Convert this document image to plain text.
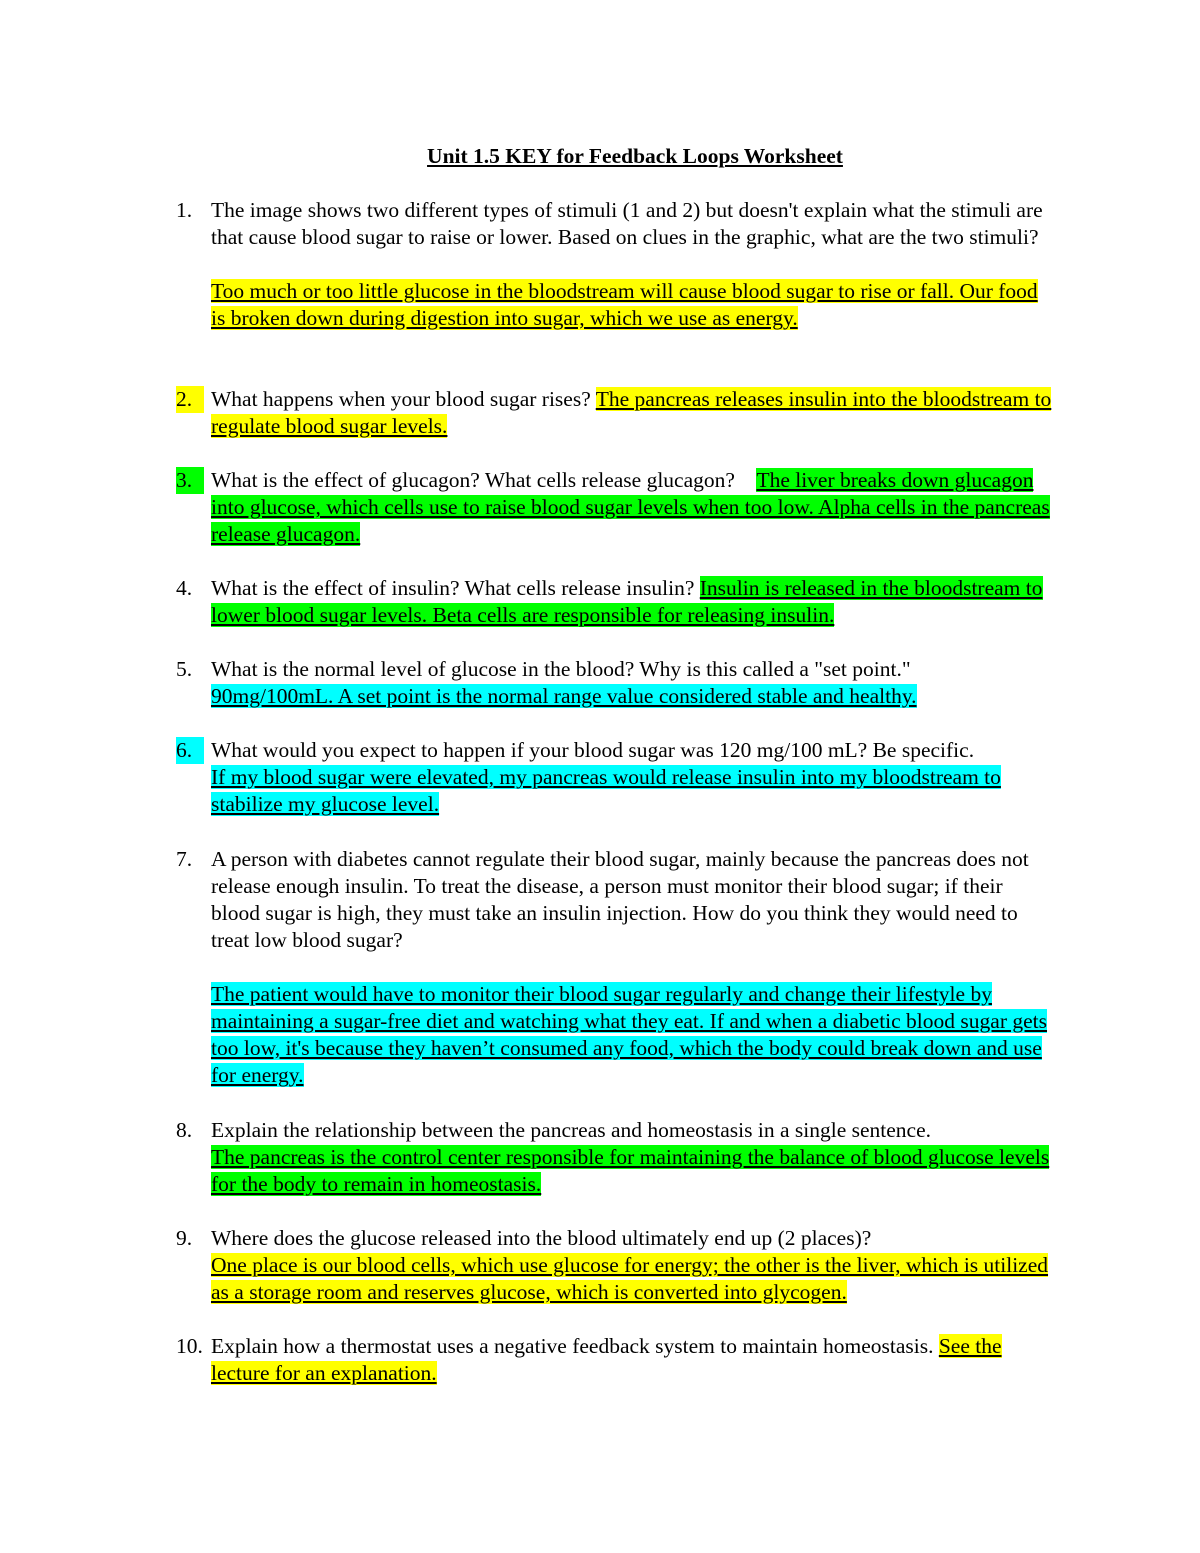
Unit 1.5 KEY for Feedback Loops Worksheet
1. The image shows two different types of stimuli (1 and 2) but doesn't explain what the stimuli are that cause blood sugar to raise or lower. Based on clues in the graphic, what are the two stimuli?
Too much or too little glucose in the bloodstream will cause blood sugar to rise or fall. Our food is broken down during digestion into sugar, which we use as energy.
2. What happens when your blood sugar rises? The pancreas releases insulin into the bloodstream to regulate blood sugar levels.
3. What is the effect of glucagon? What cells release glucagon? The liver breaks down glucagon into glucose, which cells use to raise blood sugar levels when too low. Alpha cells in the pancreas release glucagon.
4. What is the effect of insulin? What cells release insulin? Insulin is released in the bloodstream to lower blood sugar levels. Beta cells are responsible for releasing insulin.
5. What is the normal level of glucose in the blood? Why is this called a "set point."
90mg/100mL. A set point is the normal range value considered stable and healthy.
6. What would you expect to happen if your blood sugar was 120 mg/100 mL? Be specific.
If my blood sugar were elevated, my pancreas would release insulin into my bloodstream to stabilize my glucose level.
7. A person with diabetes cannot regulate their blood sugar, mainly because the pancreas does not release enough insulin. To treat the disease, a person must monitor their blood sugar; if their blood sugar is high, they must take an insulin injection. How do you think they would need to treat low blood sugar?
The patient would have to monitor their blood sugar regularly and change their lifestyle by maintaining a sugar-free diet and watching what they eat. If and when a diabetic blood sugar gets too low, it's because they haven’t consumed any food, which the body could break down and use for energy.
8. Explain the relationship between the pancreas and homeostasis in a single sentence.
The pancreas is the control center responsible for maintaining the balance of blood glucose levels for the body to remain in homeostasis.
9. Where does the glucose released into the blood ultimately end up (2 places)?
One place is our blood cells, which use glucose for energy; the other is the liver, which is utilized as a storage room and reserves glucose, which is converted into glycogen.
10. Explain how a thermostat uses a negative feedback system to maintain homeostasis. See the lecture for an explanation.
